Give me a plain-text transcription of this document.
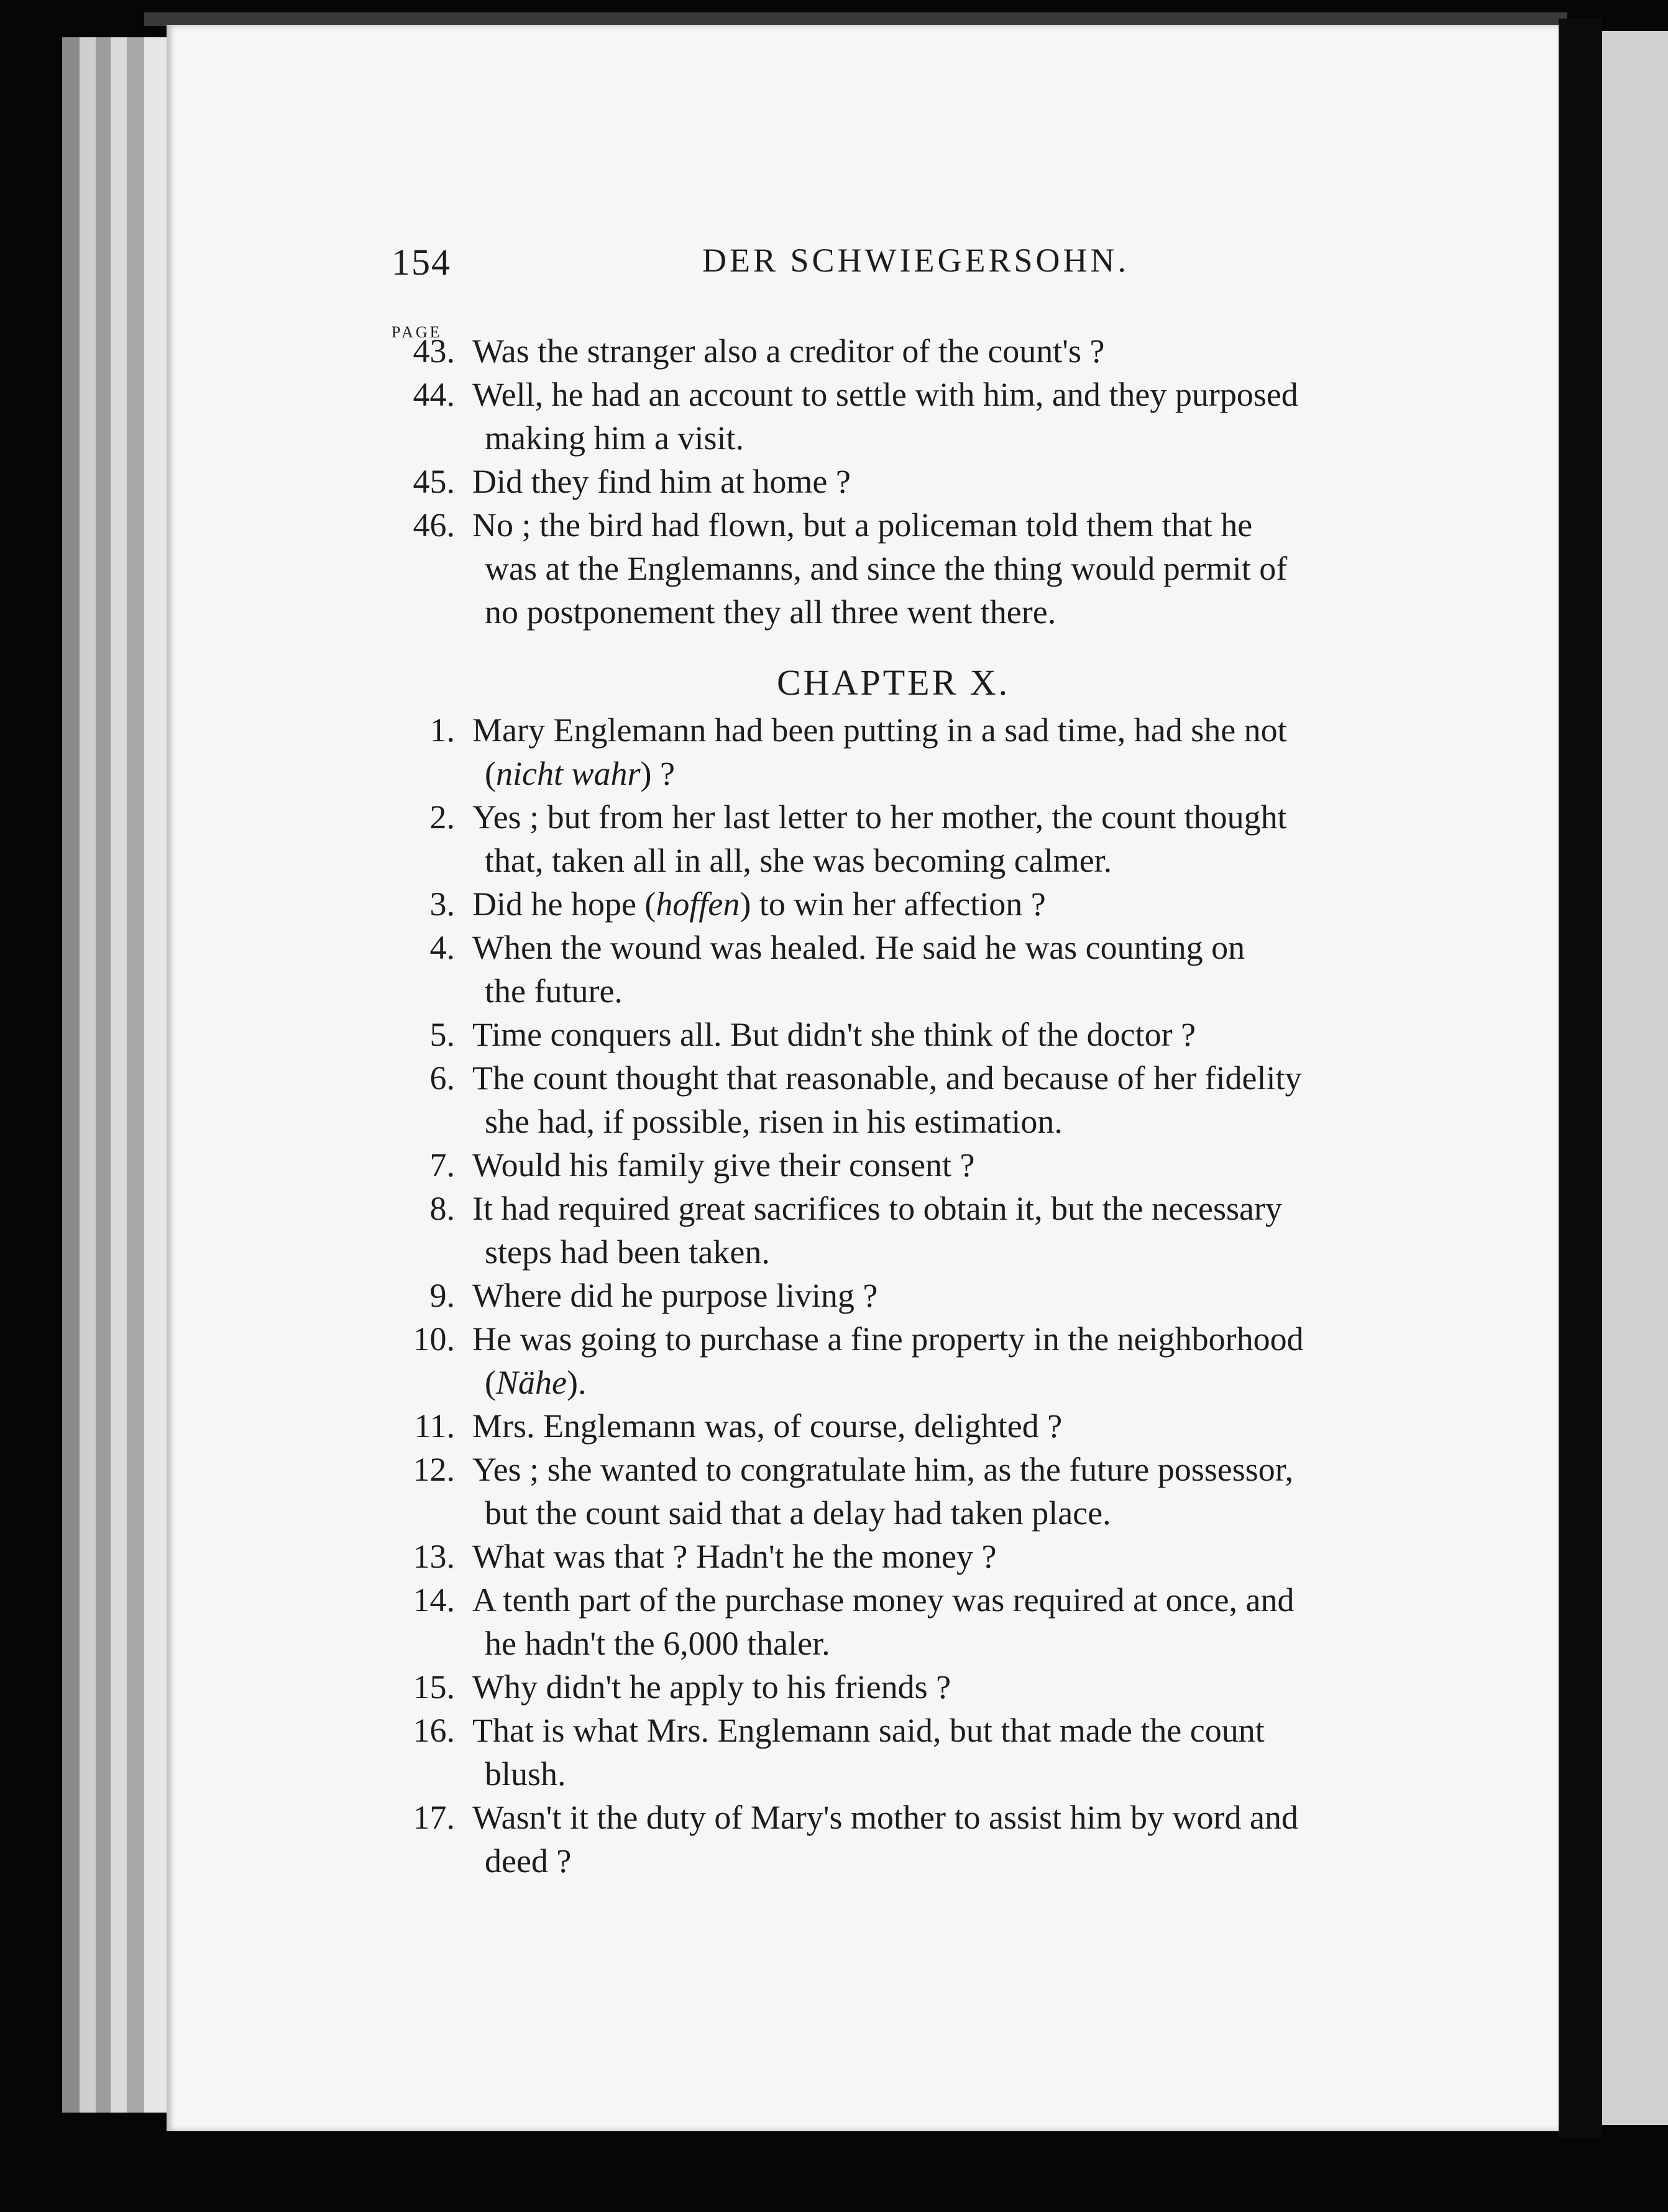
154	DER SCHWIEGERSOHN.
PAGE
43. Was the stranger also a creditor of the count's ?
44. Well, he had an account to settle with him, and they purposed
making him a visit.
45. Did they find him at home ?
46. No ; the bird had flown, but a policeman told them that he
was at the Englemanns, and since the thing would permit of
no postponement they all three went there.
CHAPTER X.
1. Mary Englemann had been putting in a sad time, had she not
(nicht wahr) ?
2. Yes ; but from her last letter to her mother, the count thought
that, taken all in all, she was becoming calmer.
3. Did he hope (hoffen) to win her affection ?
4. When the wound was healed. He said he was counting on
the future.
5. Time conquers all. But didn't she think of the doctor ?
6. The count thought that reasonable, and because of her fidelity
she had, if possible, risen in his estimation.
7. Would his family give their consent ?
8. It had required great sacrifices to obtain it, but the necessary
steps had been taken.
9. Where did he purpose living ?
10. He was going to purchase a fine property in the neighborhood
(Nähe).
11. Mrs. Englemann was, of course, delighted ?
12. Yes ; she wanted to congratulate him, as the future possessor,
but the count said that a delay had taken place.
13. What was that ? Hadn't he the money ?
14. A tenth part of the purchase money was required at once, and
he hadn't the 6,000 thaler.
15. Why didn't he apply to his friends ?
16. That is what Mrs. Englemann said, but that made the count
blush.
17. Wasn't it the duty of Mary's mother to assist him by word and
deed ?
